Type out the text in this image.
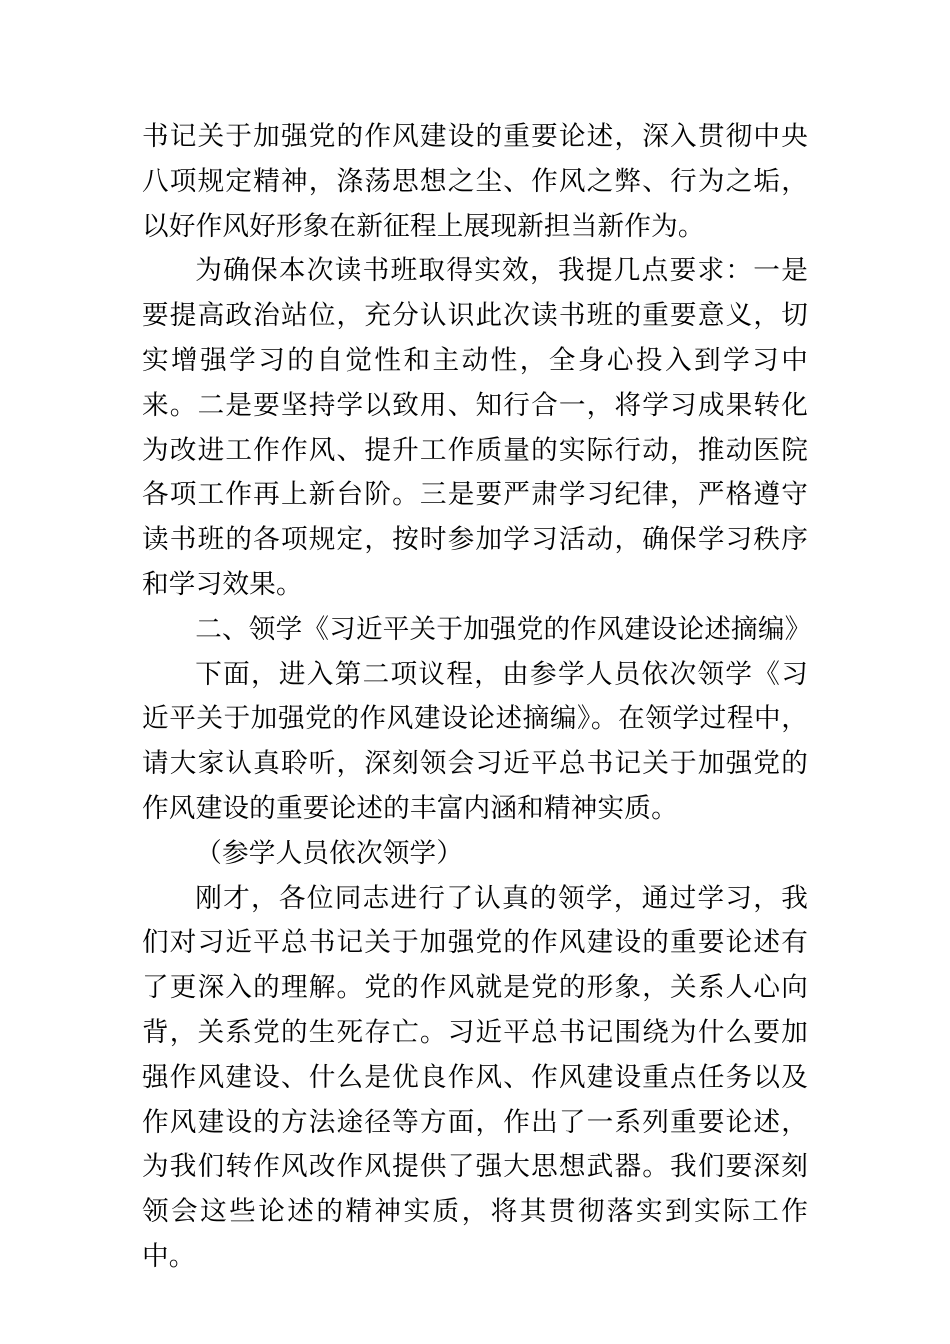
书记关于加强党的作风建设的重要论述，深入贯彻中央八项规定精神，涤荡思想之尘、作风之弊、行为之垢，以好作风好形象在新征程上展现新担当新作为。

为确保本次读书班取得实效，我提几点要求：一是要提高政治站位，充分认识此次读书班的重要意义，切实增强学习的自觉性和主动性，全身心投入到学习中来。二是要坚持学以致用、知行合一，将学习成果转化为改进工作作风、提升工作质量的实际行动，推动医院各项工作再上新台阶。三是要严肃学习纪律，严格遵守读书班的各项规定，按时参加学习活动，确保学习秩序和学习效果。

二、领学《习近平关于加强党的作风建设论述摘编》

下面，进入第二项议程，由参学人员依次领学《习近平关于加强党的作风建设论述摘编》。在领学过程中，请大家认真聆听，深刻领会习近平总书记关于加强党的作风建设的重要论述的丰富内涵和精神实质。

（参学人员依次领学）

刚才，各位同志进行了认真的领学，通过学习，我们对习近平总书记关于加强党的作风建设的重要论述有了更深入的理解。党的作风就是党的形象，关系人心向背，关系党的生死存亡。习近平总书记围绕为什么要加强作风建设、什么是优良作风、作风建设重点任务以及作风建设的方法途径等方面，作出了一系列重要论述，为我们转作风改作风提供了强大思想武器。我们要深刻领会这些论述的精神实质，将其贯彻落实到实际工作中。
